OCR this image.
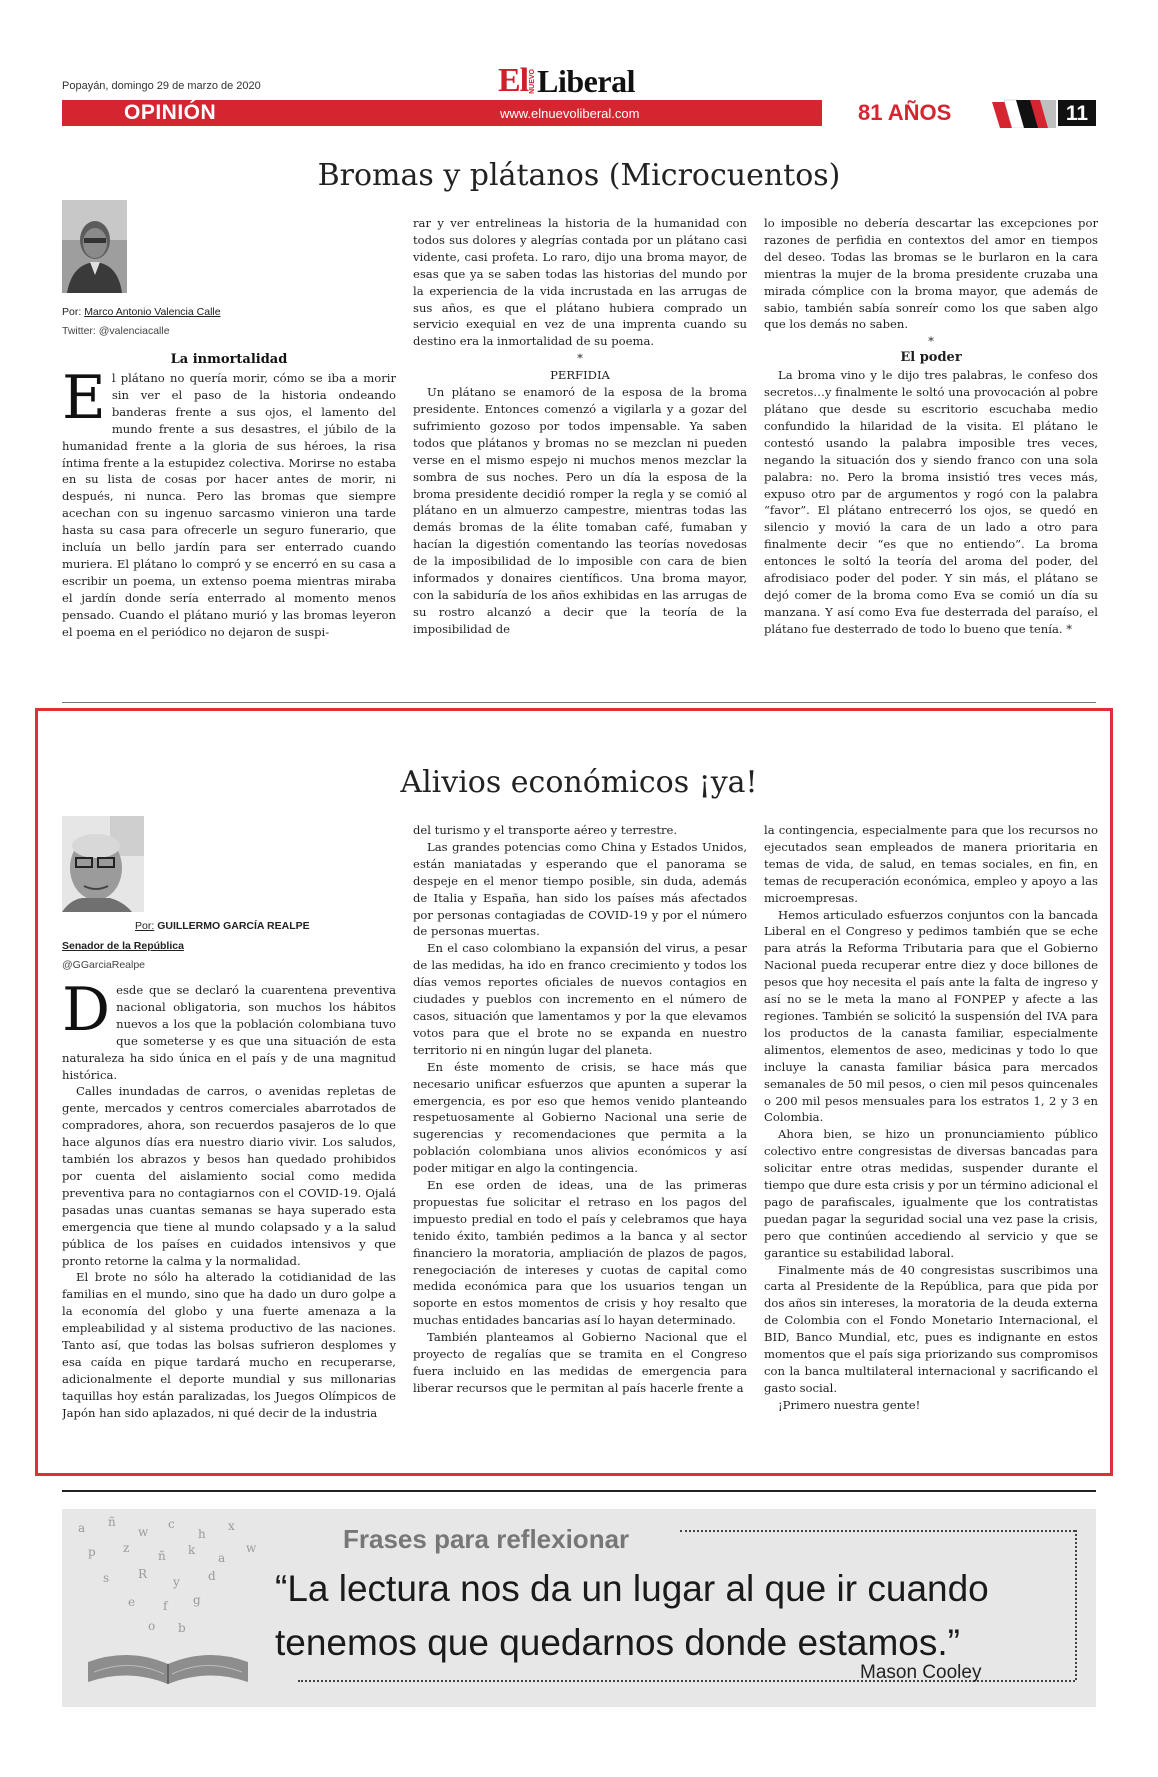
Popayán, domingo 29 de marzo de 2020	El NUEVO Liberal
OPINIÓN	www.elnuevoliberal.com	81 AÑOS	11
Bromas y plátanos (Microcuentos)
Por: Marco Antonio Valencia Calle
Twitter: @valenciacalle
La inmortalidad
E l plátano no quería morir, cómo se iba a morir sin ver el paso de la historia ondeando banderas frente a sus ojos, el lamento del mundo frente a sus desastres, el júbilo de la humanidad frente a la gloria de sus héroes, la risa íntima frente a la estupidez colectiva. Morirse no estaba en su lista de cosas por hacer antes de morir, ni después, ni nunca. Pero las bromas que siempre acechan con su ingenuo sarcasmo vinieron una tarde hasta su casa para ofrecerle un seguro funerario, que incluía un bello jardín para ser enterrado cuando muriera. El plátano lo compró y se encerró en su casa a escribir un poema, un extenso poema mientras miraba el jardín donde sería enterrado al momento menos pensado. Cuando el plátano murió y las bromas leyeron el poema en el periódico no dejaron de suspi-

rar y ver entrelineas la historia de la humanidad con todos sus dolores y alegrías contada por un plátano casi vidente, casi profeta. Lo raro, dijo una broma mayor, de esas que ya se saben todas las historias del mundo por la experiencia de la vida incrustada en las arrugas de sus años, es que el plátano hubiera comprado un servicio exequial en vez de una imprenta cuando su destino era la inmortalidad de su poema.

*

PERFIDIA

Un plátano se enamoró de la esposa de la broma presidente. Entonces comenzó a vigilarla y a gozar del sufrimiento gozoso por todos impensable. Ya saben todos que plátanos y bromas no se mezclan ni pueden verse en el mismo espejo ni muchos menos mezclar la sombra de sus noches. Pero un día la esposa de la broma presidente decidió romper la regla y se comió al plátano en un almuerzo campestre, mientras todas las demás bromas de la élite tomaban café, fumaban y hacían la digestión comentando las teorías novedosas de la imposibilidad de lo imposible con cara de bien informados y donaires científicos. Una broma mayor, con la sabiduría de los años exhibidas en las arrugas de su rostro alcanzó a decir que la teoría de la imposibilidad de

lo imposible no debería descartar las excepciones por razones de perfidia en contextos del amor en tiempos del deseo. Todas las bromas se le burlaron en la cara mientras la mujer de la broma presidente cruzaba una mirada cómplice con la broma mayor, que además de sabio, también sabía sonreír como los que saben algo que los demás no saben.

*

El poder

La broma vino y le dijo tres palabras, le confeso dos secretos…y finalmente le soltó una provocación al pobre plátano que desde su escritorio escuchaba medio confundido la hilaridad de la visita. El plátano le contestó usando la palabra imposible tres veces, negando la situación dos y siendo franco con una sola palabra: no. Pero la broma insistió tres veces más, expuso otro par de argumentos y rogó con la palabra “favor”. El plátano entrecerró los ojos, se quedó en silencio y movió la cara de un lado a otro para finalmente decir “es que no entiendo”. La broma entonces le soltó la teoría del aroma del poder, del afrodisiaco poder del poder. Y sin más, el plátano se dejó comer de la broma como Eva se comió un día su manzana. Y así como Eva fue desterrada del paraíso, el plátano fue desterrado de todo lo bueno que tenía. *

Alivios económicos ¡ya!
Por: GUILLERMO GARCÍA REALPE
Senador de la República
@GGarciaRealpe
D esde que se declaró la cuarentena preventiva nacional obligatoria, son muchos los hábitos nuevos a los que la población colombiana tuvo que someterse y es que una situación de esta naturaleza ha sido única en el país y de una magnitud histórica.

Calles inundadas de carros, o avenidas repletas de gente, mercados y centros comerciales abarrotados de compradores, ahora, son recuerdos pasajeros de lo que hace algunos días era nuestro diario vivir. Los saludos, también los abrazos y besos han quedado prohibidos por cuenta del aislamiento social como medida preventiva para no contagiarnos con el COVID-19. Ojalá pasadas unas cuantas semanas se haya superado esta emergencia que tiene al mundo colapsado y a la salud pública de los países en cuidados intensivos y que pronto retorne la calma y la normalidad.

El brote no sólo ha alterado la cotidianidad de las familias en el mundo, sino que ha dado un duro golpe a la economía del globo y una fuerte amenaza a la empleabilidad y al sistema productivo de las naciones. Tanto así, que todas las bolsas sufrieron desplomes y esa caída en pique tardará mucho en recuperarse, adicionalmente el deporte mundial y sus millonarias taquillas hoy están paralizadas, los Juegos Olímpicos de Japón han sido aplazados, ni qué decir de la industria

del turismo y el transporte aéreo y terrestre.

Las grandes potencias como China y Estados Unidos, están maniatadas y esperando que el panorama se despeje en el menor tiempo posible, sin duda, además de Italia y España, han sido los países más afectados por personas contagiadas de COVID-19 y por el número de personas muertas.

En el caso colombiano la expansión del virus, a pesar de las medidas, ha ido en franco crecimiento y todos los días vemos reportes oficiales de nuevos contagios en ciudades y pueblos con incremento en el número de casos, situación que lamentamos y por la que elevamos votos para que el brote no se expanda en nuestro territorio ni en ningún lugar del planeta.

En éste momento de crisis, se hace más que necesario unificar esfuerzos que apunten a superar la emergencia, es por eso que hemos venido planteando respetuosamente al Gobierno Nacional una serie de sugerencias y recomendaciones que permita a la población colombiana unos alivios económicos y así poder mitigar en algo la contingencia.

En ese orden de ideas, una de las primeras propuestas fue solicitar el retraso en los pagos del impuesto predial en todo el país y celebramos que haya tenido éxito, también pedimos a la banca y al sector financiero la moratoria, ampliación de plazos de pagos, renegociación de intereses y cuotas de capital como medida económica para que los usuarios tengan un soporte en estos momentos de crisis y hoy resalto que muchas entidades bancarias así lo hayan determinado.

También planteamos al Gobierno Nacional que el proyecto de regalías que se tramita en el Congreso fuera incluido en las medidas de emergencia para liberar recursos que le permitan al país hacerle frente a

la contingencia, especialmente para que los recursos no ejecutados sean empleados de manera prioritaria en temas de vida, de salud, en temas sociales, en fin, en temas de recuperación económica, empleo y apoyo a las microempresas.

Hemos articulado esfuerzos conjuntos con la bancada Liberal en el Congreso y pedimos también que se eche para atrás la Reforma Tributaria para que el Gobierno Nacional pueda recuperar entre diez y doce billones de pesos que hoy necesita el país ante la falta de ingreso y así no se le meta la mano al FONPEP y afecte a las regiones. También se solicitó la suspensión del IVA para los productos de la canasta familiar, especialmente alimentos, elementos de aseo, medicinas y todo lo que incluye la canasta familiar básica para mercados semanales de 50 mil pesos, o cien mil pesos quincenales o 200 mil pesos mensuales para los estratos 1, 2 y 3 en Colombia.

Ahora bien, se hizo un pronunciamiento público colectivo entre congresistas de diversas bancadas para solicitar entre otras medidas, suspender durante el tiempo que dure esta crisis y por un término adicional el pago de parafiscales, igualmente que los contratistas puedan pagar la seguridad social una vez pase la crisis, pero que continúen accediendo al servicio y que se garantice su estabilidad laboral.

Finalmente más de 40 congresistas suscribimos una carta al Presidente de la República, para que pida por dos años sin intereses, la moratoria de la deuda externa de Colombia con el Fondo Monetario Internacional, el BID, Banco Mundial, etc, pues es indignante en estos momentos que el país siga priorizando sus compromisos con la banca multilateral internacional y sacrificando el gasto social.

¡Primero nuestra gente!

a ñ
w
c
h
x
p z
ñ k
a
w
s R
y d
e f g
o b
Frases para reflexionar
“La lectura nos da un lugar al que ir cuando tenemos que quedarnos donde estamos.”
Mason Cooley
